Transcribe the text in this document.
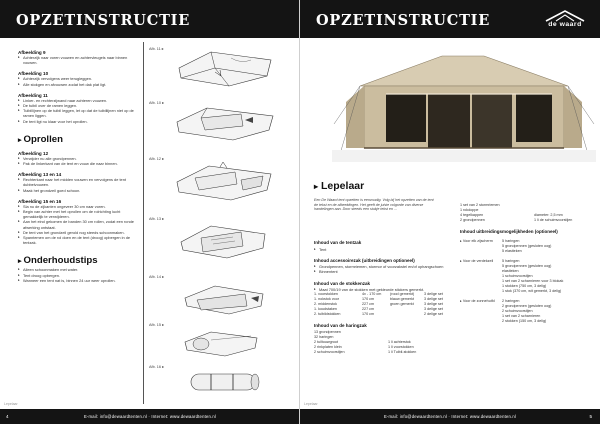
OPZETINSTRUCTIE
Afbeelding 9
▸ Achterzijk naar voren vouwen en achtervleugels naar binnen vouwen.
Afbeelding 10
▸ Achterzijk vervolgens weer terugleggen.
▸ Alle stokgen en afvouwen zodat het dak plat ligt.
Afbeelding 11
▸ Linker- en rechterzijwand naar achteren vouwen.
▸ De tuibil over de ramen leggen.
▸ Tuibillijnen op de tuibil leggen, let op dat de tuibillijnen niet op de ramen liggen.
▸ De tent ligt nu klaar voor het oprollen.
▸ Oprollen
Afbeelding 12
▸ Verwijder nu alle grondpennen.
▸ Pak de linkerkant van de tent en vouw die naar binnen.
Afbeelding 13 en 14
▸ Rechterkant naar het midden vouwen en vervolgens de tent dubbelvouwen.
▸ Maak het grondzeil goed schoon.
Afbeelding 15 en 16
▸ Sla nu de zijkanten ongeveer 30 cm naar voren.
▸ Begin van achter met het oprollen om de rolrichting lucht gemakkelijk te verwijderen.
▸ Aan het eind gekomen de banden 30 cm rollen, zodat een ronde afwerking ontstaat.
▸ De tent van het grondzeil gerold nog steeds schoonmaken.
▸ Spanriemen om de rol doen en de tent (droog) opbergen in de tentzak.
▸ Onderhoudstips
▸ Alleen schoonmaken met water.
▸ Tent droog opbergen.
▸ Wanneer een tent nat is, binnen 24 uur weer oprollen.
Afb. 11 ▸
Afb. 10 ▸
Afb. 12 ▸
Afb. 13 ▸
Afb. 14 ▸
Afb. 15 ▸
Afb. 16 ▸
Lepelaar
4	E-mail: info@dewaardtenten.nl · Internet: www.dewaardtenten.nl
OPZETINSTRUCTIE	de waard
▸ Lepelaar
Een De Waard tent opzetten is eenvoudig. Volg bij het opzetten van de tent de tekst en de afbeeldingen. Het geeft de juiste volgorde van diverse handelingen aan. Door steeds een stukje tekst en ...
Inhoud van de tentzak
▸ Tent
Inhoud accessoirezak (uitbreidingen optioneel)
▸ Grondpennen, stormriemen, stormor of voorzakstel en/of ophangschoen
▸ Binnentent
Inhoud van de stokkenzak
▸ Maat 700/19 van de stokken met gekleurde stickers gemerkt.
1. voorstokken	4x - 170 cm	(rood gemerkt)	3 delige set
1. nokstok voor	170 cm	blauw gemerkt	3 delige set
2. middenstok	227 cm	groen gemerkt	3 delige set
1. koudstaken	227 cm	3 delige set
2. tuibildstokken	170 cm	2 delige set
Inhoud van de haringzak
13 grondpennen
32 haringen
2 tuiltouwgroot	1 li achterstok
2 rinkplaten klein	1 li voorstokken
2 schuimvoorstijen	1 li Tuibil-stokken
1 set van 2 stormriemen
1 rokdoppe
4 tegelkappen	diameter: 2,5 mm
2 grondpennen	1 li de schuimvoorstijen
Inhoud uitbreidingsmogelijkheden (optioneel)
▸ Voor elk zijscherm	5 haringen
5 grondpennen (gesloten oog)
5 elastieken
▸ Voor de verdekzeil	5 haringen
5 grondpennen (gesloten oog)
elastieken
1 schuimvoorstijen
1 set van 2 scharnieren voor 3 blokak
1 stokken (750 cm, 3 delig)
1 stok (370 cm, wit gemerkt, 3 delig)
▸ Voor de zonnehuifd	2 haringen
2 grondpennen (gesloten oog)
2 schuimvoorstijen
1 set van 2 scharnieren
2 stokken (150 cm, 3 delig)
Lepelaar
E-mail: info@dewaardtenten.nl · Internet: www.dewaardtenten.nl	5
